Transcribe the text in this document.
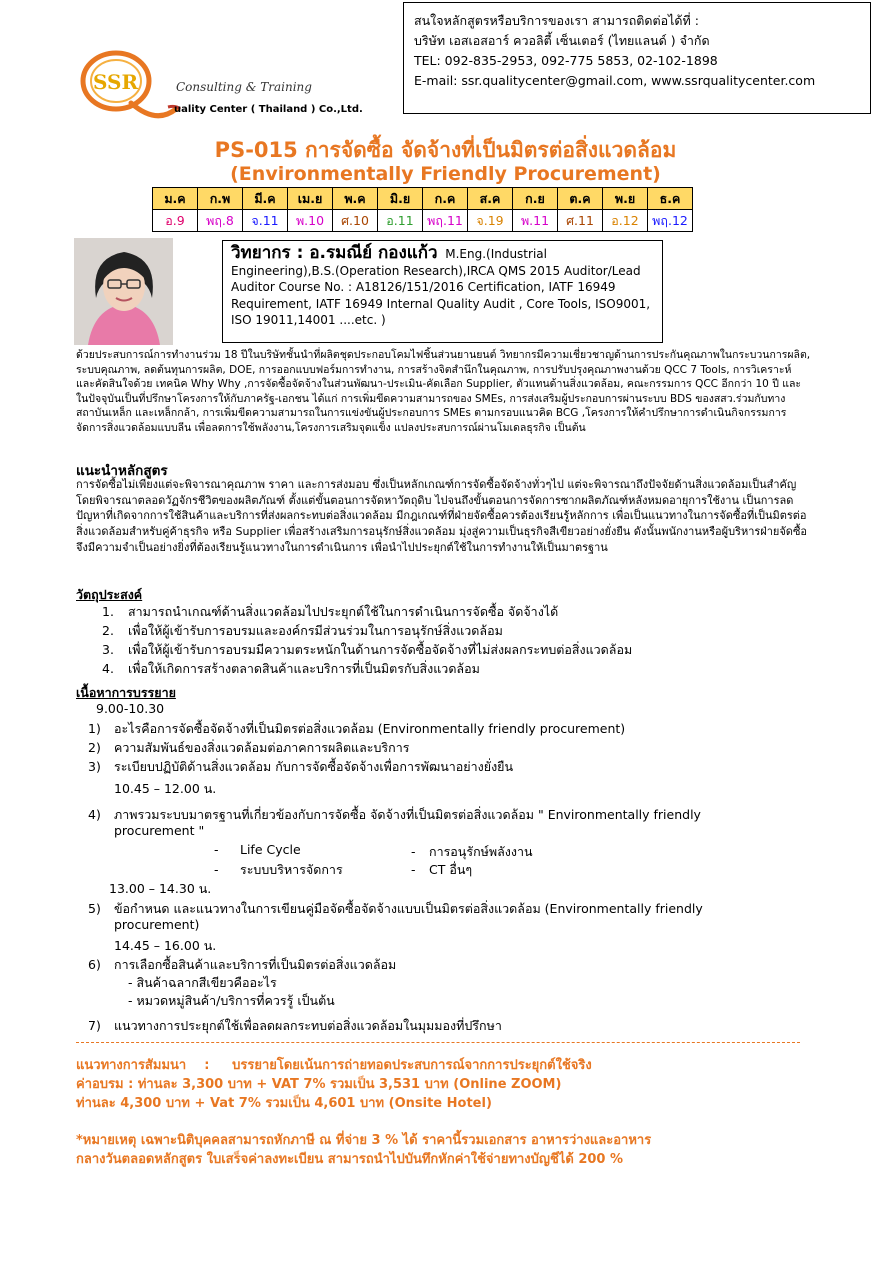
SSR	Consulting & Training
uality Center ( Thailand ) Co.,Ltd.
สนใจหลักสูตรหรือบริการของเรา สามารถติดต่อได้ที่ :
บริษัท เอสเอสอาร์ ควอลิตี้ เซ็นเตอร์ (ไทยแลนด์ ) จำกัด
TEL: 092-835-2953, 092-775 5853, 02-102-1898
E-mail: ssr.qualitycenter@gmail.com, www.ssrqualitycenter.com
PS-015 การจัดซื้อ จัดจ้างที่เป็นมิตรต่อสิ่งแวดล้อม
(Environmentally Friendly Procurement)
ม.ค	ก.พ	มี.ค	เม.ย	พ.ค	มิ.ย	ก.ค	ส.ค	ก.ย	ต.ค	พ.ย	ธ.ค
อ.9	พฤ.8	จ.11	พ.10	ศ.10	อ.11	พฤ.11	จ.19	พ.11	ศ.11	อ.12	พฤ.12
วิทยากร : อ.รมณีย์ กองแก้ว M.Eng.(Industrial Engineering),B.S.(Operation Research),IRCA QMS 2015 Auditor/Lead Auditor Course No. : A18126/151/2016 Certification, IATF 16949 Requirement, IATF 16949 Internal Quality Audit , Core Tools, ISO9001, ISO 19011,14001 ....etc. )
ด้วยประสบการณ์การทำงานร่วม 18 ปีในบริษัทชั้นนำที่ผลิตชุดประกอบโคมไฟชิ้นส่วนยานยนต์ วิทยากรมีความเชี่ยวชาญด้านการประกันคุณภาพในกระบวนการผลิต, ระบบคุณภาพ, ลดต้นทุนการผลิต, DOE, การออกแบบฟอร์มการทำงาน, การสร้างจิตสำนึกในคุณภาพ, การปรับปรุงคุณภาพงานด้วย QCC 7 Tools, การวิเคราะห์ และคัดสินใจด้วย เทคนิค Why Why ,การจัดซื้อจัดจ้างในส่วนพัฒนา-ประเมิน-คัดเลือก Supplier, ตัวแทนด้านสิ่งแวดล้อม, คณะกรรมการ QCC อีกกว่า 10 ปี และในปัจจุบันเป็นที่ปรึกษาโครงการให้กับภาครัฐ-เอกชน ได้แก่ การเพิ่มขีดความสามารถของ SMEs, การส่งเสริมผู้ประกอบการผ่านระบบ BDS ของสสว.ร่วมกับทางสถาบันเหล็ก และเหล็กกล้า, การเพิ่มขีดความสามารถในการแข่งขันผู้ประกอบการ SMEs ตามกรอบแนวคิด BCG ,โครงการให้คำปรึกษาการดำเนินกิจกรรมการจัดการสิ่งแวดล้อมแบบลีน เพื่อลดการใช้พลังงาน,โครงการเสริมจุดแข็ง แปลงประสบการณ์ผ่านโมเดลธุรกิจ เป็นต้น
แนะนำหลักสูตร
การจัดซื้อไม่เพียงแต่จะพิจารณาคุณภาพ ราคา และการส่งมอบ ซึ่งเป็นหลักเกณฑ์การจัดซื้อจัดจ้างทั่วๆไป แต่จะพิจารณาถึงปัจจัยด้านสิ่งแวดล้อมเป็นสำคัญ โดยพิจารณาตลอดวัฏจักรชีวิตของผลิตภัณฑ์ ตั้งแต่ขั้นตอนการจัดหาวัตถุดิบ ไปจนถึงขั้นตอนการจัดการซากผลิตภัณฑ์หลังหมดอายุการใช้งาน เป็นการลดปัญหาที่เกิดจากการใช้สินค้าและบริการที่ส่งผลกระทบต่อสิ่งแวดล้อม มีกฎเกณฑ์ที่ฝ่ายจัดซื้อควรต้องเรียนรู้หลักการ เพื่อเป็นแนวทางในการจัดซื้อที่เป็นมิตรต่อสิ่งแวดล้อมสำหรับคู่ค้าธุรกิจ หรือ Supplier เพื่อสร้างเสริมการอนุรักษ์สิ่งแวดล้อม มุ่งสู่ความเป็นธุรกิจสีเขียวอย่างยั่งยืน ดังนั้นพนักงานหรือผู้บริหารฝ่ายจัดซื้อจึงมีความจำเป็นอย่างยิ่งที่ต้องเรียนรู้แนวทางในการดำเนินการ เพื่อนำไปประยุกต์ใช้ในการทำงานให้เป็นมาตรฐาน
วัตถุประสงค์
1. สามารถนำเกณฑ์ด้านสิ่งแวดล้อมไปประยุกต์ใช้ในการดำเนินการจัดซื้อ จัดจ้างได้
2. เพื่อให้ผู้เข้ารับการอบรมและองค์กรมีส่วนร่วมในการอนุรักษ์สิ่งแวดล้อม
3. เพื่อให้ผู้เข้ารับการอบรมมีความตระหนักในด้านการจัดซื้อจัดจ้างที่ไม่ส่งผลกระทบต่อสิ่งแวดล้อม
4. เพื่อให้เกิดการสร้างตลาดสินค้าและบริการที่เป็นมิตรกับสิ่งแวดล้อม
เนื้อหาการบรรยาย
9.00-10.30
1) อะไรคือการจัดซื้อจัดจ้างที่เป็นมิตรต่อสิ่งแวดล้อม (Environmentally friendly procurement)
2) ความสัมพันธ์ของสิ่งแวดล้อมต่อภาคการผลิตและบริการ
3) ระเบียบปฏิบัติด้านสิ่งแวดล้อม กับการจัดซื้อจัดจ้างเพื่อการพัฒนาอย่างยั่งยืน
10.45 – 12.00 น.
4) ภาพรวมระบบมาตรฐานที่เกี่ยวข้องกับการจัดซื้อ จัดจ้างที่เป็นมิตรต่อสิ่งแวดล้อม " Environmentally friendly
procurement "
- Life Cycle	- การอนุรักษ์พลังงาน
- ระบบบริหารจัดการ	- CT อื่นๆ
13.00 – 14.30 น.
5) ข้อกำหนด และแนวทางในการเขียนคู่มือจัดซื้อจัดจ้างแบบเป็นมิตรต่อสิ่งแวดล้อม (Environmentally friendly
procurement)
14.45 – 16.00 น.
6) การเลือกซื้อสินค้าและบริการที่เป็นมิตรต่อสิ่งแวดล้อม
- สินค้าฉลากสีเขียวคืออะไร
- หมวดหมู่สินค้า/บริการที่ควรรู้ เป็นต้น
7) แนวทางการประยุกต์ใช้เพื่อลดผลกระทบต่อสิ่งแวดล้อมในมุมมองที่ปรึกษา
แนวทางการสัมมนา    :     บรรยายโดยเน้นการถ่ายทอดประสบการณ์จากการประยุกต์ใช้จริง
ค่าอบรม : ท่านละ 3,300 บาท + VAT 7% รวมเป็น 3,531 บาท (Online ZOOM)
ท่านละ 4,300 บาท + Vat 7% รวมเป็น 4,601 บาท (Onsite Hotel)
*หมายเหตุ เฉพาะนิติบุคคลสามารถหักภาษี ณ ที่จ่าย 3 % ได้ ราคานี้รวมเอกสาร อาหารว่างและอาหาร
กลางวันตลอดหลักสูตร ใบเสร็จค่าลงทะเบียน สามารถนำไปบันทึกหักค่าใช้จ่ายทางบัญชีได้ 200 %
